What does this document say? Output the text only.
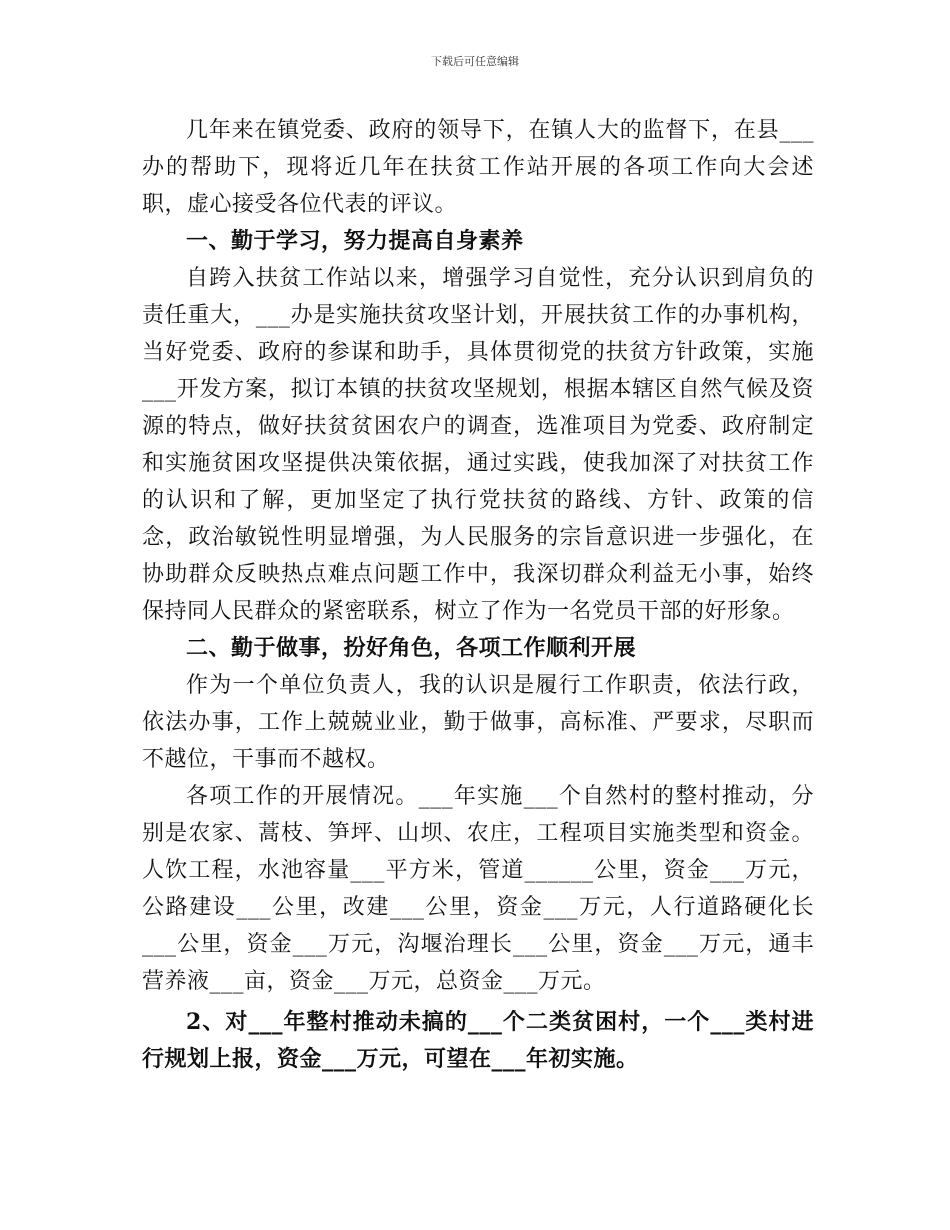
下载后可任意编辑

几年来在镇党委、政府的领导下，在镇人大的监督下，在县___办的帮助下，现将近几年在扶贫工作站开展的各项工作向大会述职，虚心接受各位代表的评议。

一、勤于学习，努力提高自身素养

自跨入扶贫工作站以来，增强学习自觉性，充分认识到肩负的责任重大，___办是实施扶贫攻坚计划，开展扶贫工作的办事机构，当好党委、政府的参谋和助手，具体贯彻党的扶贫方针政策，实施___开发方案，拟订本镇的扶贫攻坚规划，根据本辖区自然气候及资源的特点，做好扶贫贫困农户的调查，选准项目为党委、政府制定和实施贫困攻坚提供决策依据，通过实践，使我加深了对扶贫工作的认识和了解，更加坚定了执行党扶贫的路线、方针、政策的信念，政治敏锐性明显增强，为人民服务的宗旨意识进一步强化，在协助群众反映热点难点问题工作中，我深切群众利益无小事，始终保持同人民群众的紧密联系，树立了作为一名党员干部的好形象。

二、勤于做事，扮好角色，各项工作顺利开展

作为一个单位负责人，我的认识是履行工作职责，依法行政，依法办事，工作上兢兢业业，勤于做事，高标准、严要求，尽职而不越位，干事而不越权。

各项工作的开展情况。___年实施___个自然村的整村推动，分别是农家、蒿枝、笋坪、山坝、农庄，工程项目实施类型和资金。人饮工程，水池容量___平方米，管道______公里，资金___万元，公路建设___公里，改建___公里，资金___万元，人行道路硬化长___公里，资金___万元，沟堰治理长___公里，资金___万元，通丰营养液___亩，资金___万元，总资金___万元。

2、对___年整村推动未搞的___个二类贫困村，一个___类村进行规划上报，资金___万元，可望在___年初实施。
